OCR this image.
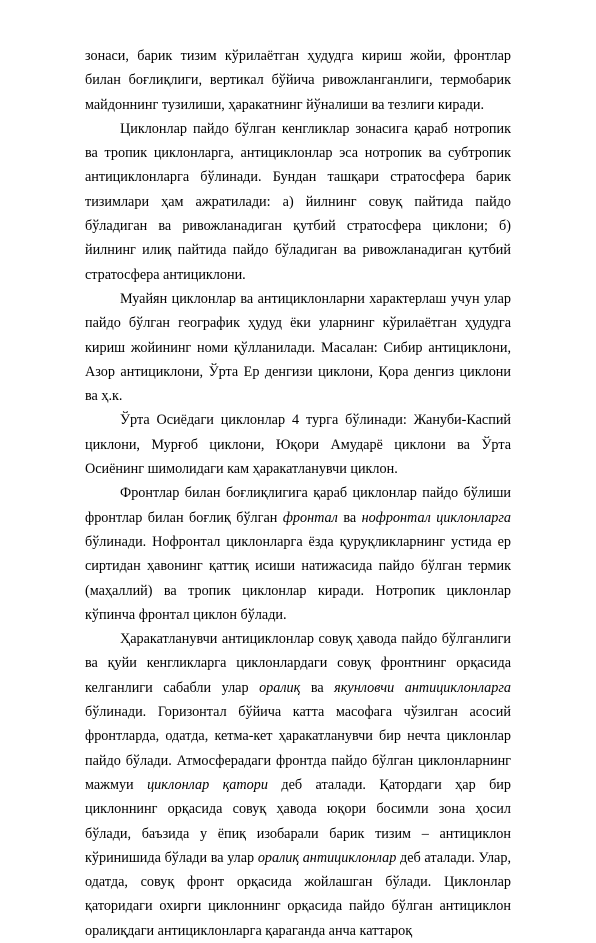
зонаси, барик тизим кўрилаётган ҳудудга кириш жойи, фронтлар билан боғлиқлиги, вертикал бўйича ривожланганлиги, термобарик майдоннинг тузилиши, ҳаракатнинг йўналиши ва тезлиги киради.

Циклонлар пайдо бўлган кенгликлар зонасига қараб нотропик ва тропик циклонларга, антициклонлар эса нотропик ва субтропик антициклонларга бўлинади. Бундан ташқари стратосфера барик тизимлари ҳам ажратилади: а) йилнинг совуқ пайтида пайдо бўладиган ва ривожланадиган қутбий стратосфера циклони; б) йилнинг илиқ пайтида пайдо бўладиган ва ривожланадиган қутбий стратосфера антициклони.

Муайян циклонлар ва антициклонларни характерлаш учун улар пайдо бўлган географик ҳудуд ёки уларнинг кўрилаётган ҳудудга кириш жойининг номи қўлланилади. Масалан: Сибир антициклони, Азор антициклони, Ўрта Ер денгизи циклони, Қора денгиз циклони ва ҳ.к.

Ўрта Осиёдаги циклонлар 4 турга бўлинади: Жануби-Каспий циклони, Мурғоб циклони, Юқори Амударё циклони ва Ўрта Осиёнинг шимолидаги кам ҳаракатланувчи циклон.

Фронтлар билан боғлиқлигига қараб циклонлар пайдо бўлиши фронтлар билан боғлиқ бўлган фронтал ва нофронтал циклонларга бўлинади. Нофронтал циклонларга ёзда қуруқликларнинг устида ер сиртидан ҳавонинг қаттиқ исиши натижасида пайдо бўлган термик (маҳаллий) ва тропик циклонлар киради. Нотропик циклонлар кўпинча фронтал циклон бўлади.

Ҳаракатланувчи антициклонлар совуқ ҳавода пайдо бўлганлиги ва қуйи кенгликларга циклонлардаги совуқ фронтнинг орқасида келганлиги сабабли улар оралиқ ва якунловчи антициклонларга бўлинади. Горизонтал бўйича катта масофага чўзилган асосий фронтларда, одатда, кетма-кет ҳаракатланувчи бир нечта циклонлар пайдо бўлади. Атмосферадаги фронтда пайдо бўлган циклонларнинг мажмуи циклонлар қатори деб аталади. Қатордаги ҳар бир циклоннинг орқасида совуқ ҳавода юқори босимли зона ҳосил бўлади, баъзида у ёпиқ изобарали барик тизим – антициклон кўринишида бўлади ва улар оралиқ антициклонлар деб аталади. Улар, одатда, совуқ фронт орқасида жойлашган бўлади. Циклонлар қаторидаги охирги циклоннинг орқасида пайдо бўлган антициклон оралиқдаги антициклонларга қараганда анча каттароқ
